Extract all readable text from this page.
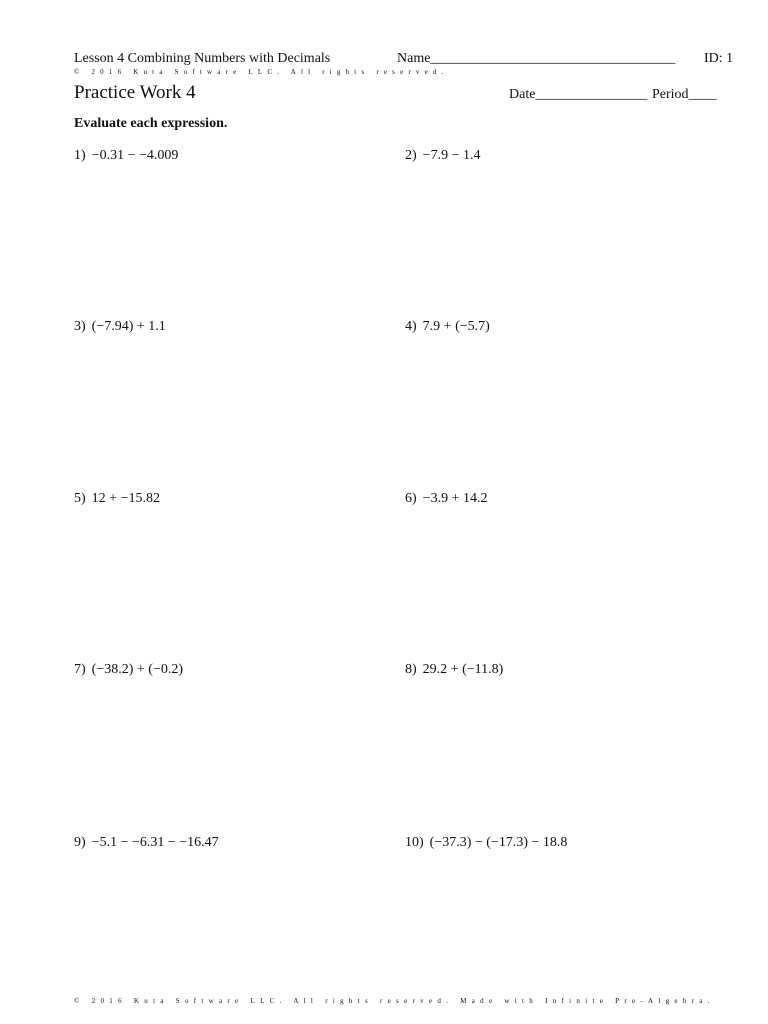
Lesson 4 Combining Numbers with Decimals	Name___________________________________ ID: 1
© 2016 Kuta Software LLC. All rights reserved.
Practice Work 4	Date________________ Period____
Evaluate each expression.
1) −0.31 − −4.009	2) −7.9 − 1.4
3) (−7.94) + 1.1	4) 7.9 + (−5.7)
5) 12 + −15.82	6) −3.9 + 14.2
7) (−38.2) + (−0.2)	8) 29.2 + (−11.8)
9) −5.1 − −6.31 − −16.47	10) (−37.3) − (−17.3) − 18.8
© 2016 Kuta Software LLC. All rights reserved. Made with Infinite Pre-Algebra.
